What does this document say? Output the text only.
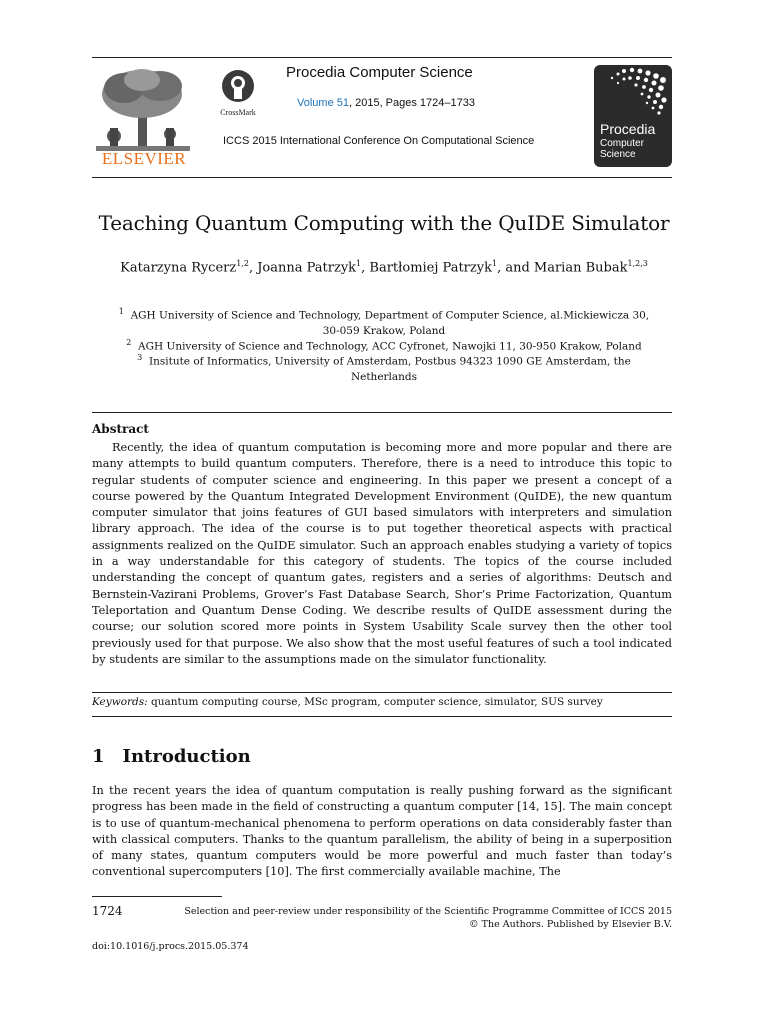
ELSEVIER
CrossMark
Procedia Computer Science
Volume 51, 2015, Pages 1724–1733
ICCS 2015 International Conference On Computational Science
Procedia
Computer
Science
Teaching Quantum Computing with the QuIDE Simulator
Katarzyna Rycerz$^{1,2}$, Joanna Patrzyk$^1$, Bartłomiej Patrzyk$^1$, and Marian Bubak$^{1,2,3}$
$^1$ AGH University of Science and Technology, Department of Computer Science, al.Mickiewicza 30,
30-059 Krakow, Poland
$^2$ AGH University of Science and Technology, ACC Cyfronet, Nawojki 11, 30-950 Krakow, Poland
$^3$ Insitute of Informatics, University of Amsterdam, Postbus 94323 1090 GE Amsterdam, the
Netherlands
Abstract
Recently, the idea of quantum computation is becoming more and more popular and there are many attempts to build quantum computers. Therefore, there is a need to introduce this topic to regular students of computer science and engineering. In this paper we present a concept of a course powered by the Quantum Integrated Development Environment (QuIDE), the new quantum computer simulator that joins features of GUI based simulators with interpreters and simulation library approach. The idea of the course is to put together theoretical aspects with practical assignments realized on the QuIDE simulator. Such an approach enables studying a variety of topics in a way understandable for this category of students. The topics of the course included understanding the concept of quantum gates, registers and a series of algorithms: Deutsch and Bernstein-Vazirani Problems, Grover’s Fast Database Search, Shor’s Prime Factorization, Quantum Teleportation and Quantum Dense Coding. We describe results of QuIDE assessment during the course; our solution scored more points in System Usability Scale survey then the other tool previously used for that purpose. We also show that the most useful features of such a tool indicated by students are similar to the assumptions made on the simulator functionality.
Keywords: quantum computing course, MSc program, computer science, simulator, SUS survey
1 Introduction
In the recent years the idea of quantum computation is really pushing forward as the significant progress has been made in the field of constructing a quantum computer [14, 15]. The main concept is to use of quantum-mechanical phenomena to perform operations on data considerably faster than with classical computers. Thanks to the quantum parallelism, the ability of being in a superposition of many states, quantum computers would be more powerful and much faster than today’s conventional supercomputers [10]. The first commercially available machine, The
1724	Selection and peer-review under responsibility of the Scientific Programme Committee of ICCS 2015
© The Authors. Published by Elsevier B.V.
doi:10.1016/j.procs.2015.05.374
